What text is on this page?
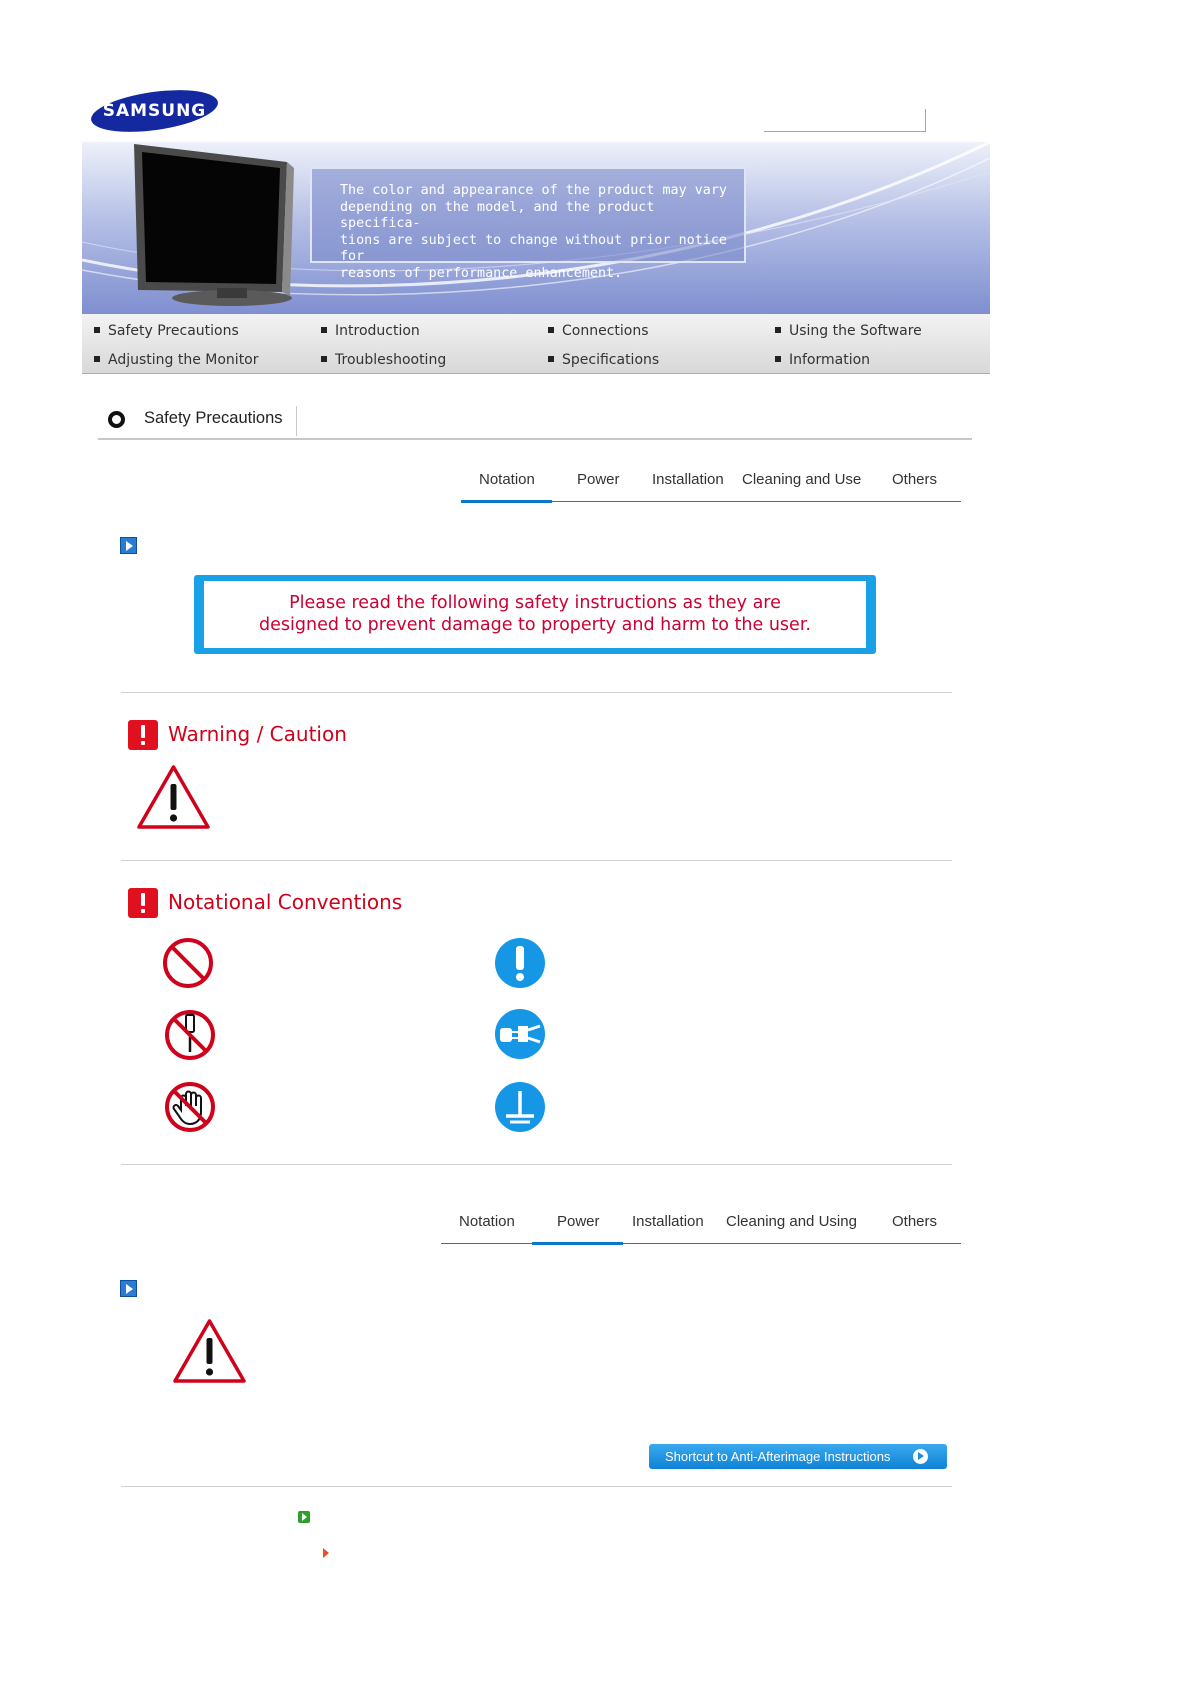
SAMSUNG
The color and appearance of the product may vary
depending on the model, and the product specifica-
tions are subject to change without prior notice for
reasons of performance enhancement.
Safety Precautions	Introduction	Connections	Using the Software
Adjusting the Monitor	Troubleshooting	Specifications	Information
Safety Precautions
Notation	Power Installation Cleaning and Use Others
Please read the following safety instructions as they are
designed to prevent damage to property and harm to the user.
Warning / Caution
Notational Conventions
Notation	Power Installation Cleaning and Using Others
Shortcut to Anti-Afterimage Instructions
